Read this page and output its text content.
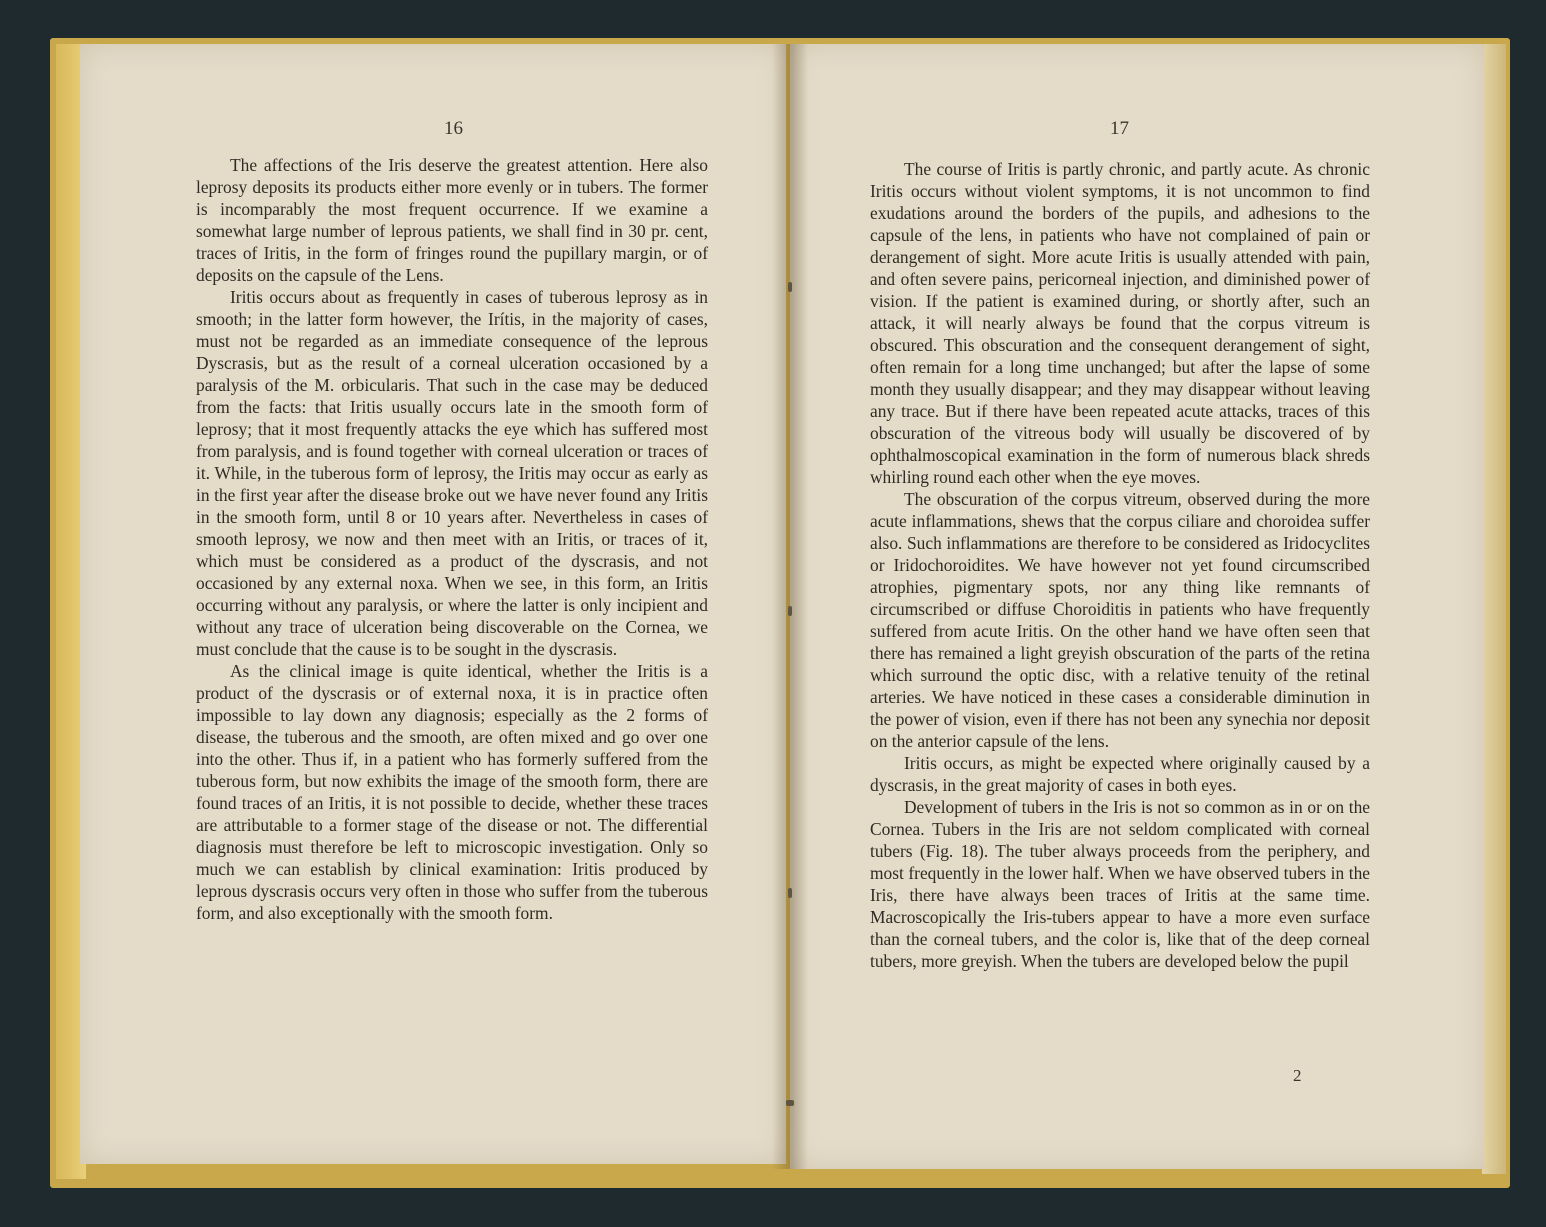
16

The affections of the Iris deserve the greatest attention. Here also leprosy deposits its products either more evenly or in tubers. The former is incomparably the most frequent occurrence. If we examine a somewhat large number of leprous patients, we shall find in 30 pr. cent, traces of Iritis, in the form of fringes round the pupillary margin, or of deposits on the capsule of the Lens.

Iritis occurs about as frequently in cases of tuberous leprosy as in smooth; in the latter form however, the Irítis, in the majority of cases, must not be regarded as an immediate consequence of the leprous Dyscrasis, but as the result of a corneal ulceration occasioned by a paralysis of the M. orbicularis. That such in the case may be deduced from the facts: that Iritis usually occurs late in the smooth form of leprosy; that it most frequently attacks the eye which has suffered most from paralysis, and is found together with corneal ulceration or traces of it. While, in the tuberous form of leprosy, the Iritis may occur as early as in the first year after the disease broke out we have never found any Iritis in the smooth form, until 8 or 10 years after. Nevertheless in cases of smooth leprosy, we now and then meet with an Iritis, or traces of it, which must be considered as a product of the dyscrasis, and not occasioned by any external noxa. When we see, in this form, an Iritis occurring without any paralysis, or where the latter is only incipient and without any trace of ulceration being discoverable on the Cornea, we must conclude that the cause is to be sought in the dyscrasis.

As the clinical image is quite identical, whether the Iritis is a product of the dyscrasis or of external noxa, it is in practice often impossible to lay down any diagnosis; especially as the 2 forms of disease, the tuberous and the smooth, are often mixed and go over one into the other. Thus if, in a patient who has formerly suffered from the tuberous form, but now exhibits the image of the smooth form, there are found traces of an Iritis, it is not possible to decide, whether these traces are attributable to a former stage of the disease or not. The differential diagnosis must therefore be left to microscopic investigation. Only so much we can establish by clinical examination: Iritis produced by leprous dyscrasis occurs very often in those who suffer from the tuberous form, and also exceptionally with the smooth form.

17

The course of Iritis is partly chronic, and partly acute. As chronic Iritis occurs without violent symptoms, it is not uncommon to find exudations around the borders of the pupils, and adhesions to the capsule of the lens, in patients who have not complained of pain or derangement of sight. More acute Iritis is usually attended with pain, and often severe pains, pericorneal injection, and diminished power of vision. If the patient is examined during, or shortly after, such an attack, it will nearly always be found that the corpus vitreum is obscured. This obscuration and the consequent derangement of sight, often remain for a long time unchanged; but after the lapse of some month they usually disappear; and they may disappear without leaving any trace. But if there have been repeated acute attacks, traces of this obscuration of the vitreous body will usually be discovered of by ophthalmoscopical examination in the form of numerous black shreds whirling round each other when the eye moves.

The obscuration of the corpus vitreum, observed during the more acute inflammations, shews that the corpus ciliare and choroidea suffer also. Such inflammations are therefore to be considered as Iridocyclites or Iridochoroidites. We have however not yet found circumscribed atrophies, pigmentary spots, nor any thing like remnants of circumscribed or diffuse Choroiditis in patients who have frequently suffered from acute Iritis. On the other hand we have often seen that there has remained a light greyish obscuration of the parts of the retina which surround the optic disc, with a relative tenuity of the retinal arteries. We have noticed in these cases a considerable diminution in the power of vision, even if there has not been any synechia nor deposit on the anterior capsule of the lens.

Iritis occurs, as might be expected where originally caused by a dyscrasis, in the great majority of cases in both eyes.

Development of tubers in the Iris is not so common as in or on the Cornea. Tubers in the Iris are not seldom complicated with corneal tubers (Fig. 18). The tuber always proceeds from the periphery, and most frequently in the lower half. When we have observed tubers in the Iris, there have always been traces of Iritis at the same time. Macroscopically the Iris-tubers appear to have a more even surface than the corneal tubers, and the color is, like that of the deep corneal tubers, more greyish. When the tubers are developed below the pupil

2
